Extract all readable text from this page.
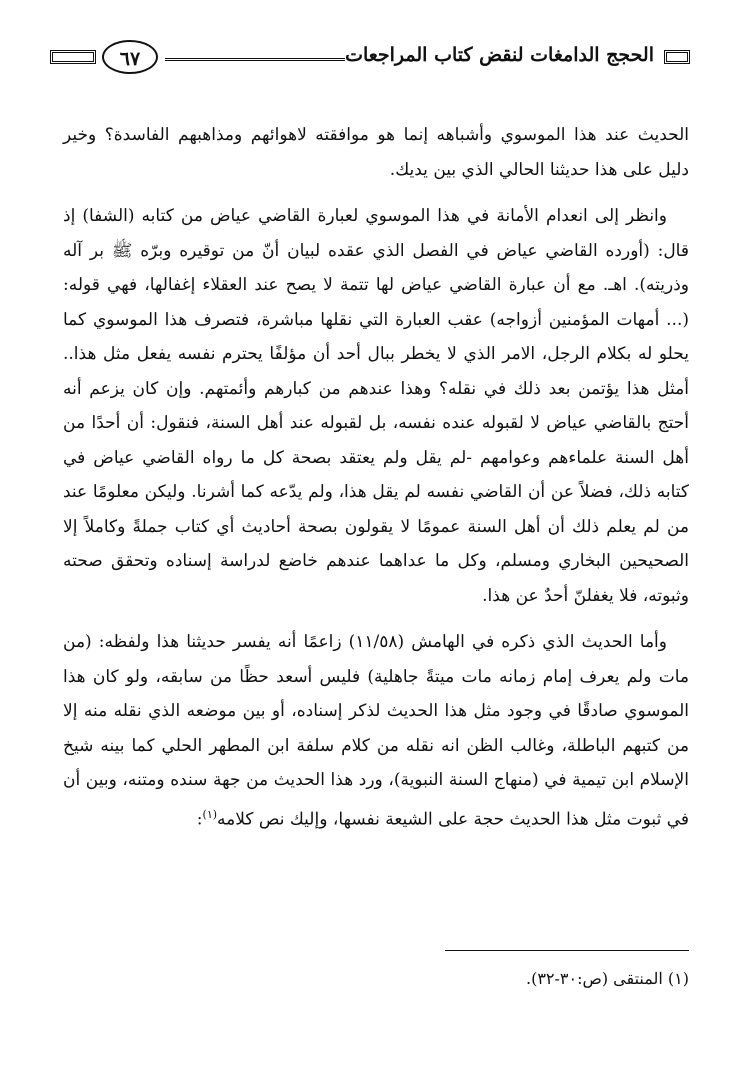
الحجج الدامغات لنقض كتاب المراجعات
٦٧

الحديث عند هذا الموسوي وأشباهه إنما هو موافقته لاهوائهم ومذاهبهم الفاسدة؟ وخير دليل على هذا حديثنا الحالي الذي بين يديك.

وانظر إلى انعدام الأمانة في هذا الموسوي لعبارة القاضي عياض من كتابه (الشفا) إذ قال: (أورده القاضي عياض في الفصل الذي عقده لبيان أنّ من توقيره وبرّه ﷺ بر آله وذريته). اهـ. مع أن عبارة القاضي عياض لها تتمة لا يصح عند العقلاء إغفالها، فهي قوله: (... أمهات المؤمنين أزواجه) عقب العبارة التي نقلها مباشرة، فتصرف هذا الموسوي كما يحلو له بكلام الرجل، الامر الذي لا يخطر ببال أحد أن مؤلفًا يحترم نفسه يفعل مثل هذا.. أمثل هذا يؤتمن بعد ذلك في نقله؟ وهذا عندهم من كبارهم وأئمتهم. وإن كان يزعم أنه أحتج بالقاضي عياض لا لقبوله عنده نفسه، بل لقبوله عند أهل السنة، فنقول: أن أحدًا من أهل السنة علماءهم وعوامهم -لم يقل ولم يعتقد بصحة كل ما رواه القاضي عياض في كتابه ذلك، فضلاً عن أن القاضي نفسه لم يقل هذا، ولم يدّعه كما أشرنا. وليكن معلومًا عند من لم يعلم ذلك أن أهل السنة عمومًا لا يقولون بصحة أحاديث أي كتاب جملةً وكاملاً إلا الصحيحين البخاري ومسلم، وكل ما عداهما عندهم خاضع لدراسة إسناده وتحقق صحته وثبوته، فلا يغفلنّ أحدٌ عن هذا.

وأما الحديث الذي ذكره في الهامش (١١/٥٨) زاعمًا أنه يفسر حديثنا هذا ولفظه: (من مات ولم يعرف إمام زمانه مات ميتةً جاهلية) فليس أسعد حظًا من سابقه، ولو كان هذا الموسوي صادقًا في وجود مثل هذا الحديث لذكر إسناده، أو بين موضعه الذي نقله منه إلا من كتبهم الباطلة، وغالب الظن انه نقله من كلام سلفة ابن المطهر الحلي كما بينه شيخ الإسلام ابن تيمية في (منهاج السنة النبوية)، ورد هذا الحديث من جهة سنده ومتنه، وبين أن في ثبوت مثل هذا الحديث حجة على الشيعة نفسها، وإليك نص كلامه$^{(١)}$:

(١) المنتقى (ص:٣٠-٣٢).
